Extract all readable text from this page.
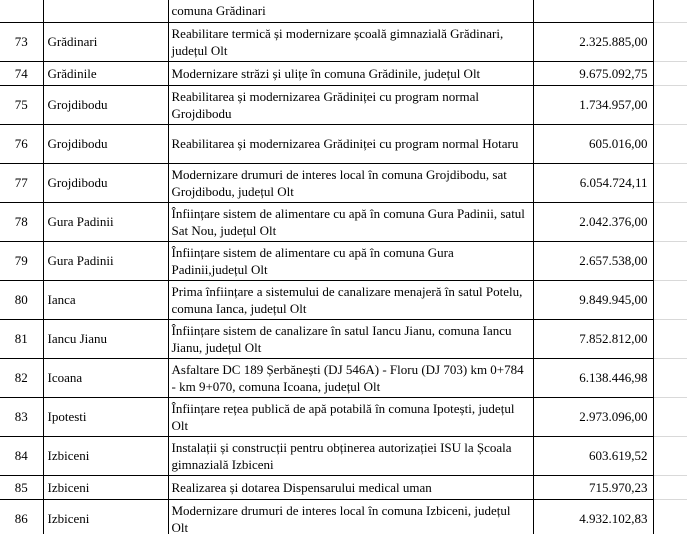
		comuna Grădinari		
73	Grădinari	Reabilitare termică și modernizare școală gimnazială Grădinari, județul Olt	2.325.885,00	
74	Grădinile	Modernizare străzi și ulițe în comuna Grădinile, județul Olt	9.675.092,75	
75	Grojdibodu	Reabilitarea și modernizarea Grădiniței cu program normal Grojdibodu	1.734.957,00	
76	Grojdibodu	Reabilitarea și modernizarea Grădiniței cu program normal Hotaru	605.016,00	
77	Grojdibodu	Modernizare drumuri de interes local în comuna Grojdibodu, sat Grojdibodu, județul Olt	6.054.724,11	
78	Gura Padinii	Înființare sistem de alimentare cu apă în comuna Gura Padinii, satul Sat Nou, județul Olt	2.042.376,00	
79	Gura Padinii	Înființare sistem de alimentare cu apă în comuna Gura Padinii,județul Olt	2.657.538,00	
80	Ianca	Prima înființare a sistemului de canalizare menajeră în satul Potelu, comuna Ianca, județul Olt	9.849.945,00	
81	Iancu Jianu	Înființare sistem de canalizare în satul Iancu Jianu, comuna Iancu Jianu, județul Olt	7.852.812,00	
82	Icoana	Asfaltare DC 189 Șerbănești (DJ 546A) - Floru (DJ 703) km 0+784 - km 9+070, comuna Icoana, județul Olt	6.138.446,98	
83	Ipotesti	Înființare rețea publică de apă potabilă în comuna Ipotești, județul Olt	2.973.096,00	
84	Izbiceni	Instalații și construcții pentru obținerea autorizației ISU la Școala gimnazială Izbiceni	603.619,52	
85	Izbiceni	Realizarea și dotarea Dispensarului medical uman	715.970,23	
86	Izbiceni	Modernizare drumuri de interes local în comuna Izbiceni, județul Olt	4.932.102,83	
